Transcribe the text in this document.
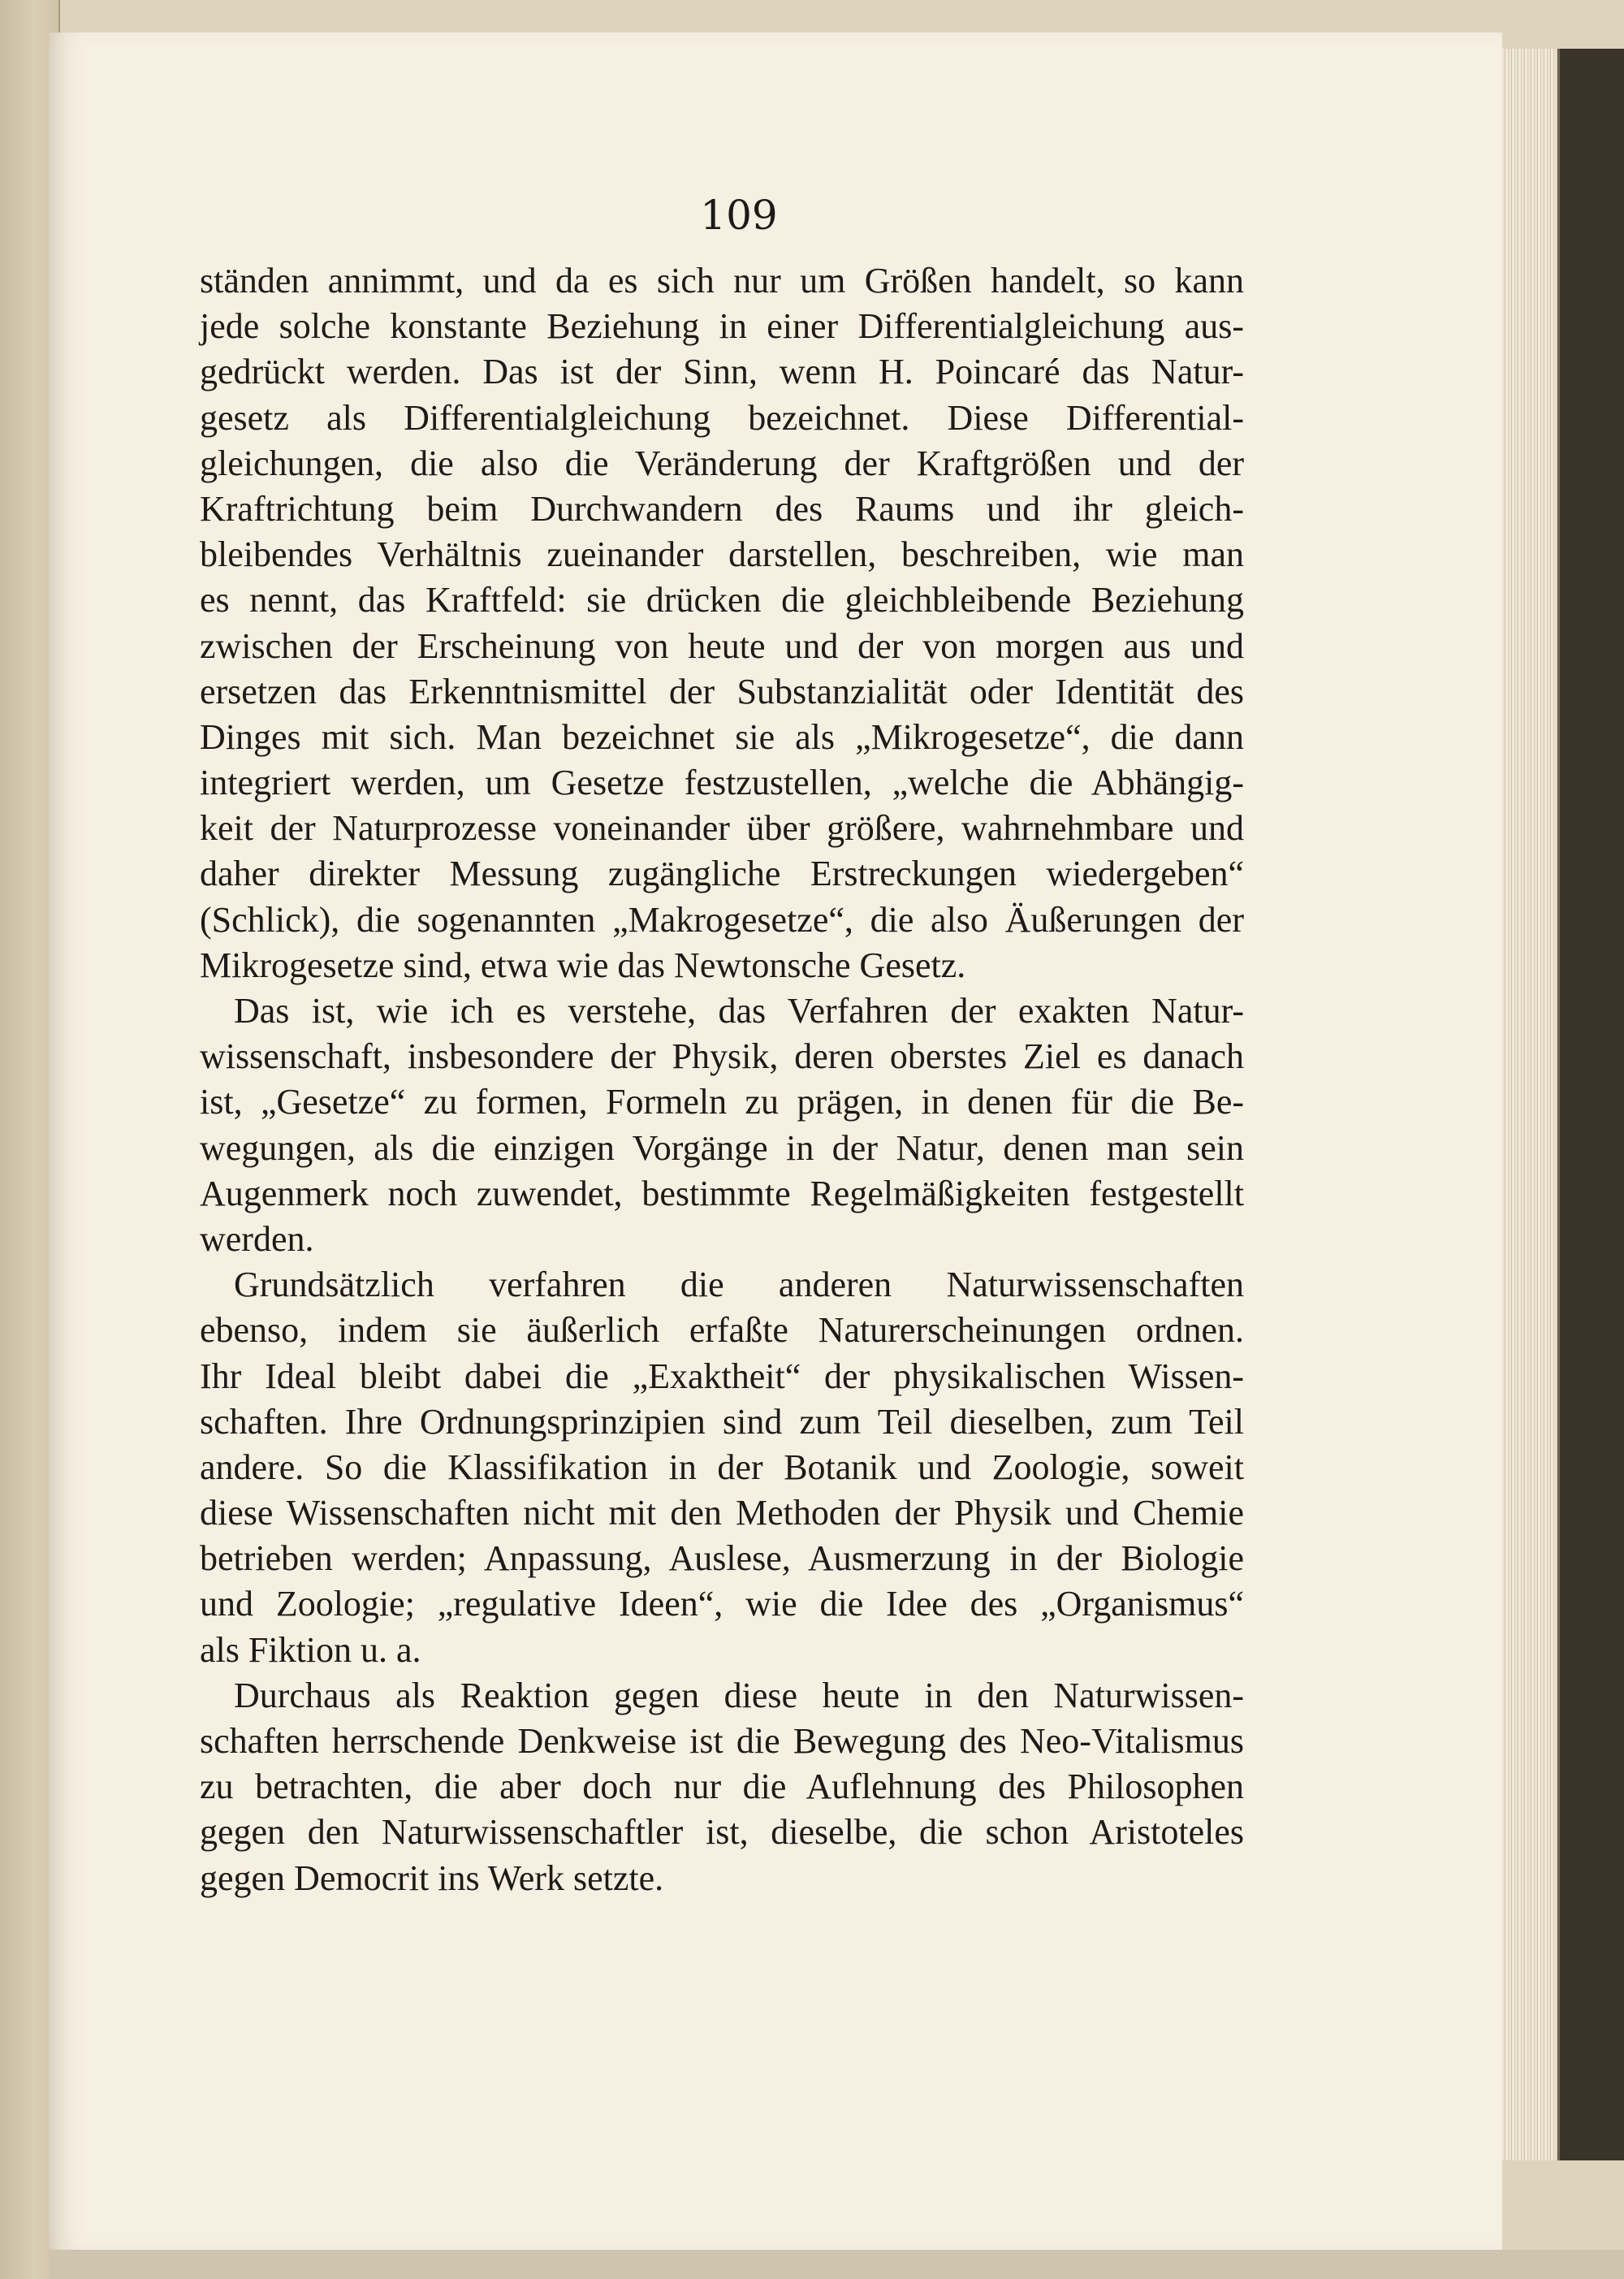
109
ständen annimmt, und da es sich nur um Größen handelt, so kann
jede solche konstante Beziehung in einer Differentialgleichung aus-
gedrückt werden. Das ist der Sinn, wenn H. Poincaré das Natur-
gesetz als Differentialgleichung bezeichnet. Diese Differential-
gleichungen, die also die Veränderung der Kraftgrößen und der
Kraftrichtung beim Durchwandern des Raums und ihr gleich-
bleibendes Verhältnis zueinander darstellen, beschreiben, wie man
es nennt, das Kraftfeld: sie drücken die gleichbleibende Beziehung
zwischen der Erscheinung von heute und der von morgen aus und
ersetzen das Erkenntnismittel der Substanzialität oder Identität des
Dinges mit sich. Man bezeichnet sie als „Mikrogesetze“, die dann
integriert werden, um Gesetze festzustellen, „welche die Abhängig-
keit der Naturprozesse voneinander über größere, wahrnehmbare und
daher direkter Messung zugängliche Erstreckungen wiedergeben“
(Schlick), die sogenannten „Makrogesetze“, die also Äußerungen der
Mikrogesetze sind, etwa wie das Newtonsche Gesetz.
Das ist, wie ich es verstehe, das Verfahren der exakten Natur-
wissenschaft, insbesondere der Physik, deren oberstes Ziel es danach
ist, „Gesetze“ zu formen, Formeln zu prägen, in denen für die Be-
wegungen, als die einzigen Vorgänge in der Natur, denen man sein
Augenmerk noch zuwendet, bestimmte Regelmäßigkeiten festgestellt
werden.
Grundsätzlich verfahren die anderen Naturwissenschaften
ebenso, indem sie äußerlich erfaßte Naturerscheinungen ordnen.
Ihr Ideal bleibt dabei die „Exaktheit“ der physikalischen Wissen-
schaften. Ihre Ordnungsprinzipien sind zum Teil dieselben, zum Teil
andere. So die Klassifikation in der Botanik und Zoologie, soweit
diese Wissenschaften nicht mit den Methoden der Physik und Chemie
betrieben werden; Anpassung, Auslese, Ausmerzung in der Biologie
und Zoologie; „regulative Ideen“, wie die Idee des „Organismus“
als Fiktion u. a.
Durchaus als Reaktion gegen diese heute in den Naturwissen-
schaften herrschende Denkweise ist die Bewegung des Neo-Vitalismus
zu betrachten, die aber doch nur die Auflehnung des Philosophen
gegen den Naturwissenschaftler ist, dieselbe, die schon Aristoteles
gegen Democrit ins Werk setzte.
